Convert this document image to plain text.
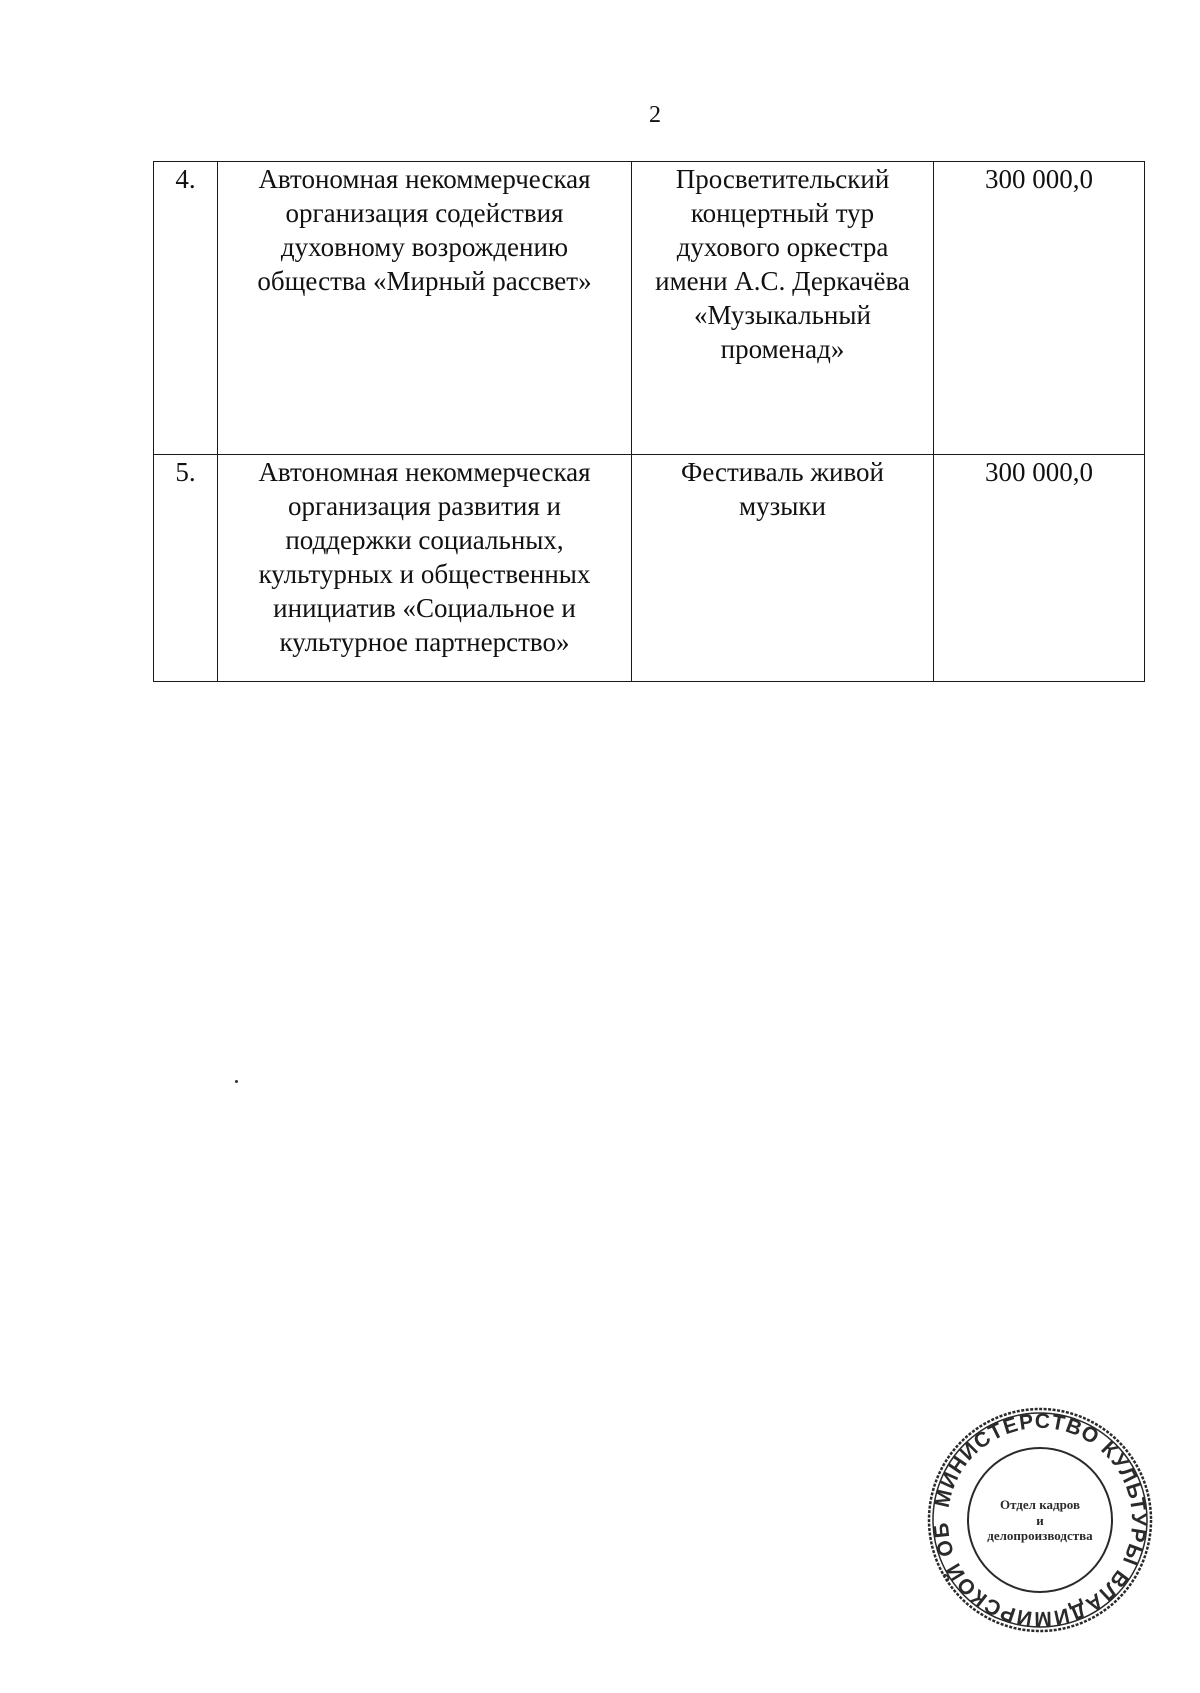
2
4.	Автономная некоммерческая организация содействия духовному возрождению общества «Мирный рассвет»	Просветительский концертный тур духового оркестра имени А.С. Деркачёва «Музыкальный променад»	300 000,0

5.	Автономная некоммерческая организация развития и поддержки социальных, культурных и общественных инициатив «Социальное и культурное партнерство»	Фестиваль живой музыки	300 000,0
МИНИСТЕРСТВО КУЛЬТУРЫ ВЛАДИМИРСКОЙ ОБ
Отдел кадров
и
делопроизводства
